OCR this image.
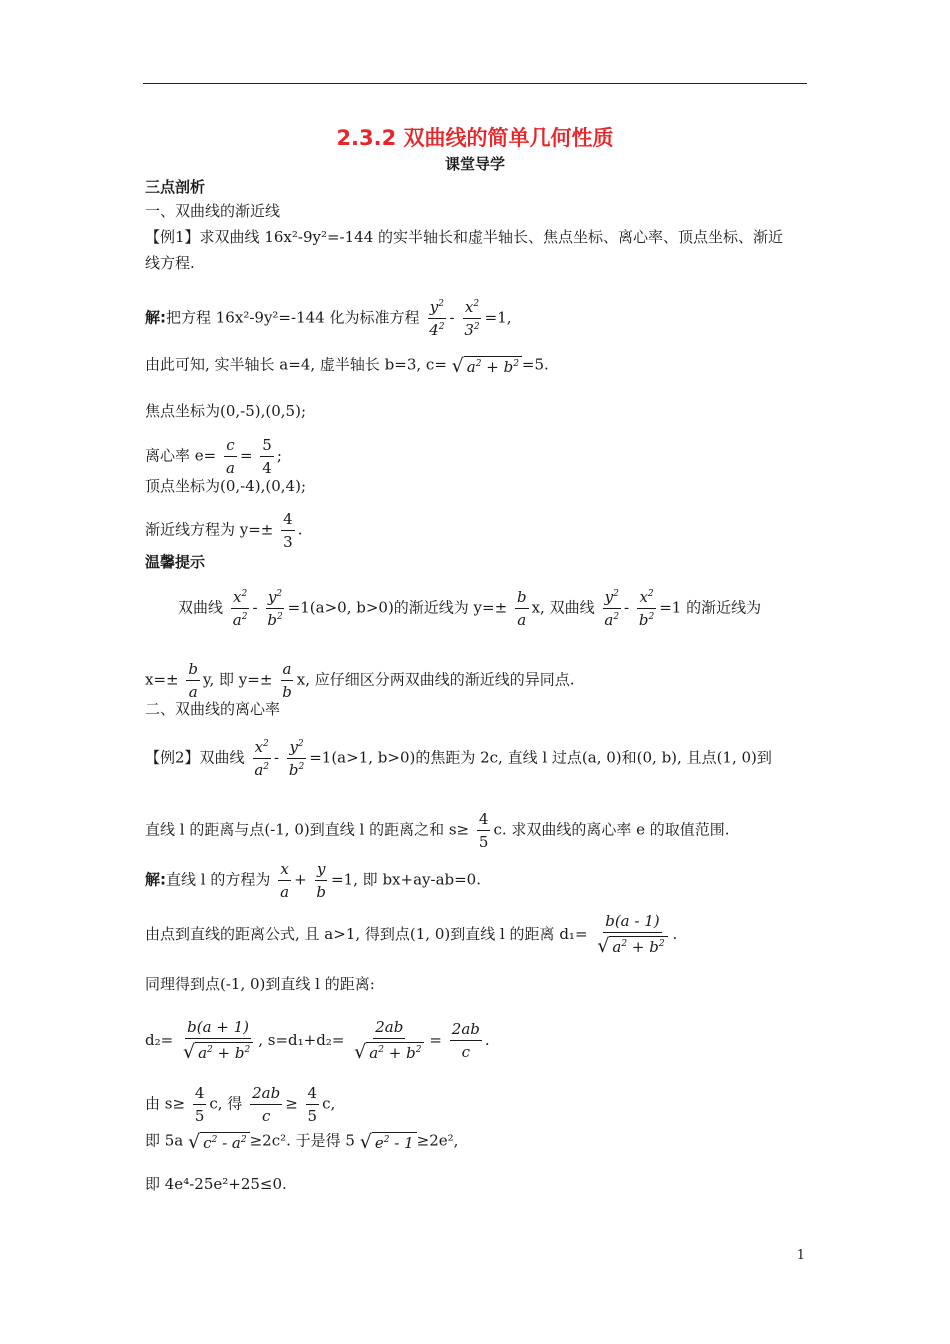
2.3.2 双曲线的简单几何性质
课堂导学
三点剖析
一、双曲线的渐近线
【例1】求双曲线 16x²-9y²=-144 的实半轴长和虚半轴长、焦点坐标、离心率、顶点坐标、渐近
线方程.
解:把方程 16x²-9y²=-144 化为标准方程 $\frac{y^2}{4^2} - \frac{x^2}{3^2} =1$,
由此可知, 实半轴长 a=4, 虚半轴长 b=3, c= √ $a^2 + b^2 =5$.
焦点坐标为(0,-5),(0,5);
离心率 $e= \frac{c}{a} = \frac{5}{4}$ ;
顶点坐标为(0,-4),(0,4);
渐近线方程为 $y=\pm \frac{4}{3}$ .
温馨提示
双曲线 $\frac{x^2}{a^2} - \frac{y^2}{b^2} =1(a>0$, b>0)的渐近线为 $y=\pm \frac{b}{a} x$, 双曲线 $\frac{y^2}{a^2} - \frac{x^2}{b^2} =1$ 的渐近线为
$x=\pm \frac{b}{a} y$, 即 $y=\pm \frac{a}{b} x$, 应仔细区分两双曲线的渐近线的异同点.
二、双曲线的离心率
【例2】双曲线 $\frac{x^2}{a^2} - \frac{y^2}{b^2} =1(a>1$, b>0)的焦距为 2c, 直线 l 过点(a, 0)和(0, b), 且点(1, 0)到
直线 l 的距离与点(-1, 0)到直线 l 的距离之和 $s\ge \frac{4}{5} c$. 求双曲线的离心率 e 的取值范围.
解:直线 l 的方程为 $\frac{x}{a} + \frac{y}{b} =1$, 即 bx+ay-ab=0.
由点到直线的距离公式, 且 a>1, 得到点(1, 0)到直线 l 的距离 $d_1= \frac{b(a - 1)}{√ a^2 + b^2}$ .
同理得到点(-1, 0)到直线 l 的距离:
$d_2= \frac{b(a + 1)}{√ a^2 + b^2}$ , $s=d_1+d_2= \frac{2ab}{√ a^2 + b^2} = \frac{2ab}{c}$ .
由 $s\ge \frac{4}{5} c$, 得 $\frac{2ab}{c} \ge \frac{4}{5} c$,
即 5a √ $c^2 - a^2 \ge 2c^2$. 于是得 5 √ $e^2 - 1 \ge 2e^2$,
即 4e⁴-25e²+25≤0.
1
